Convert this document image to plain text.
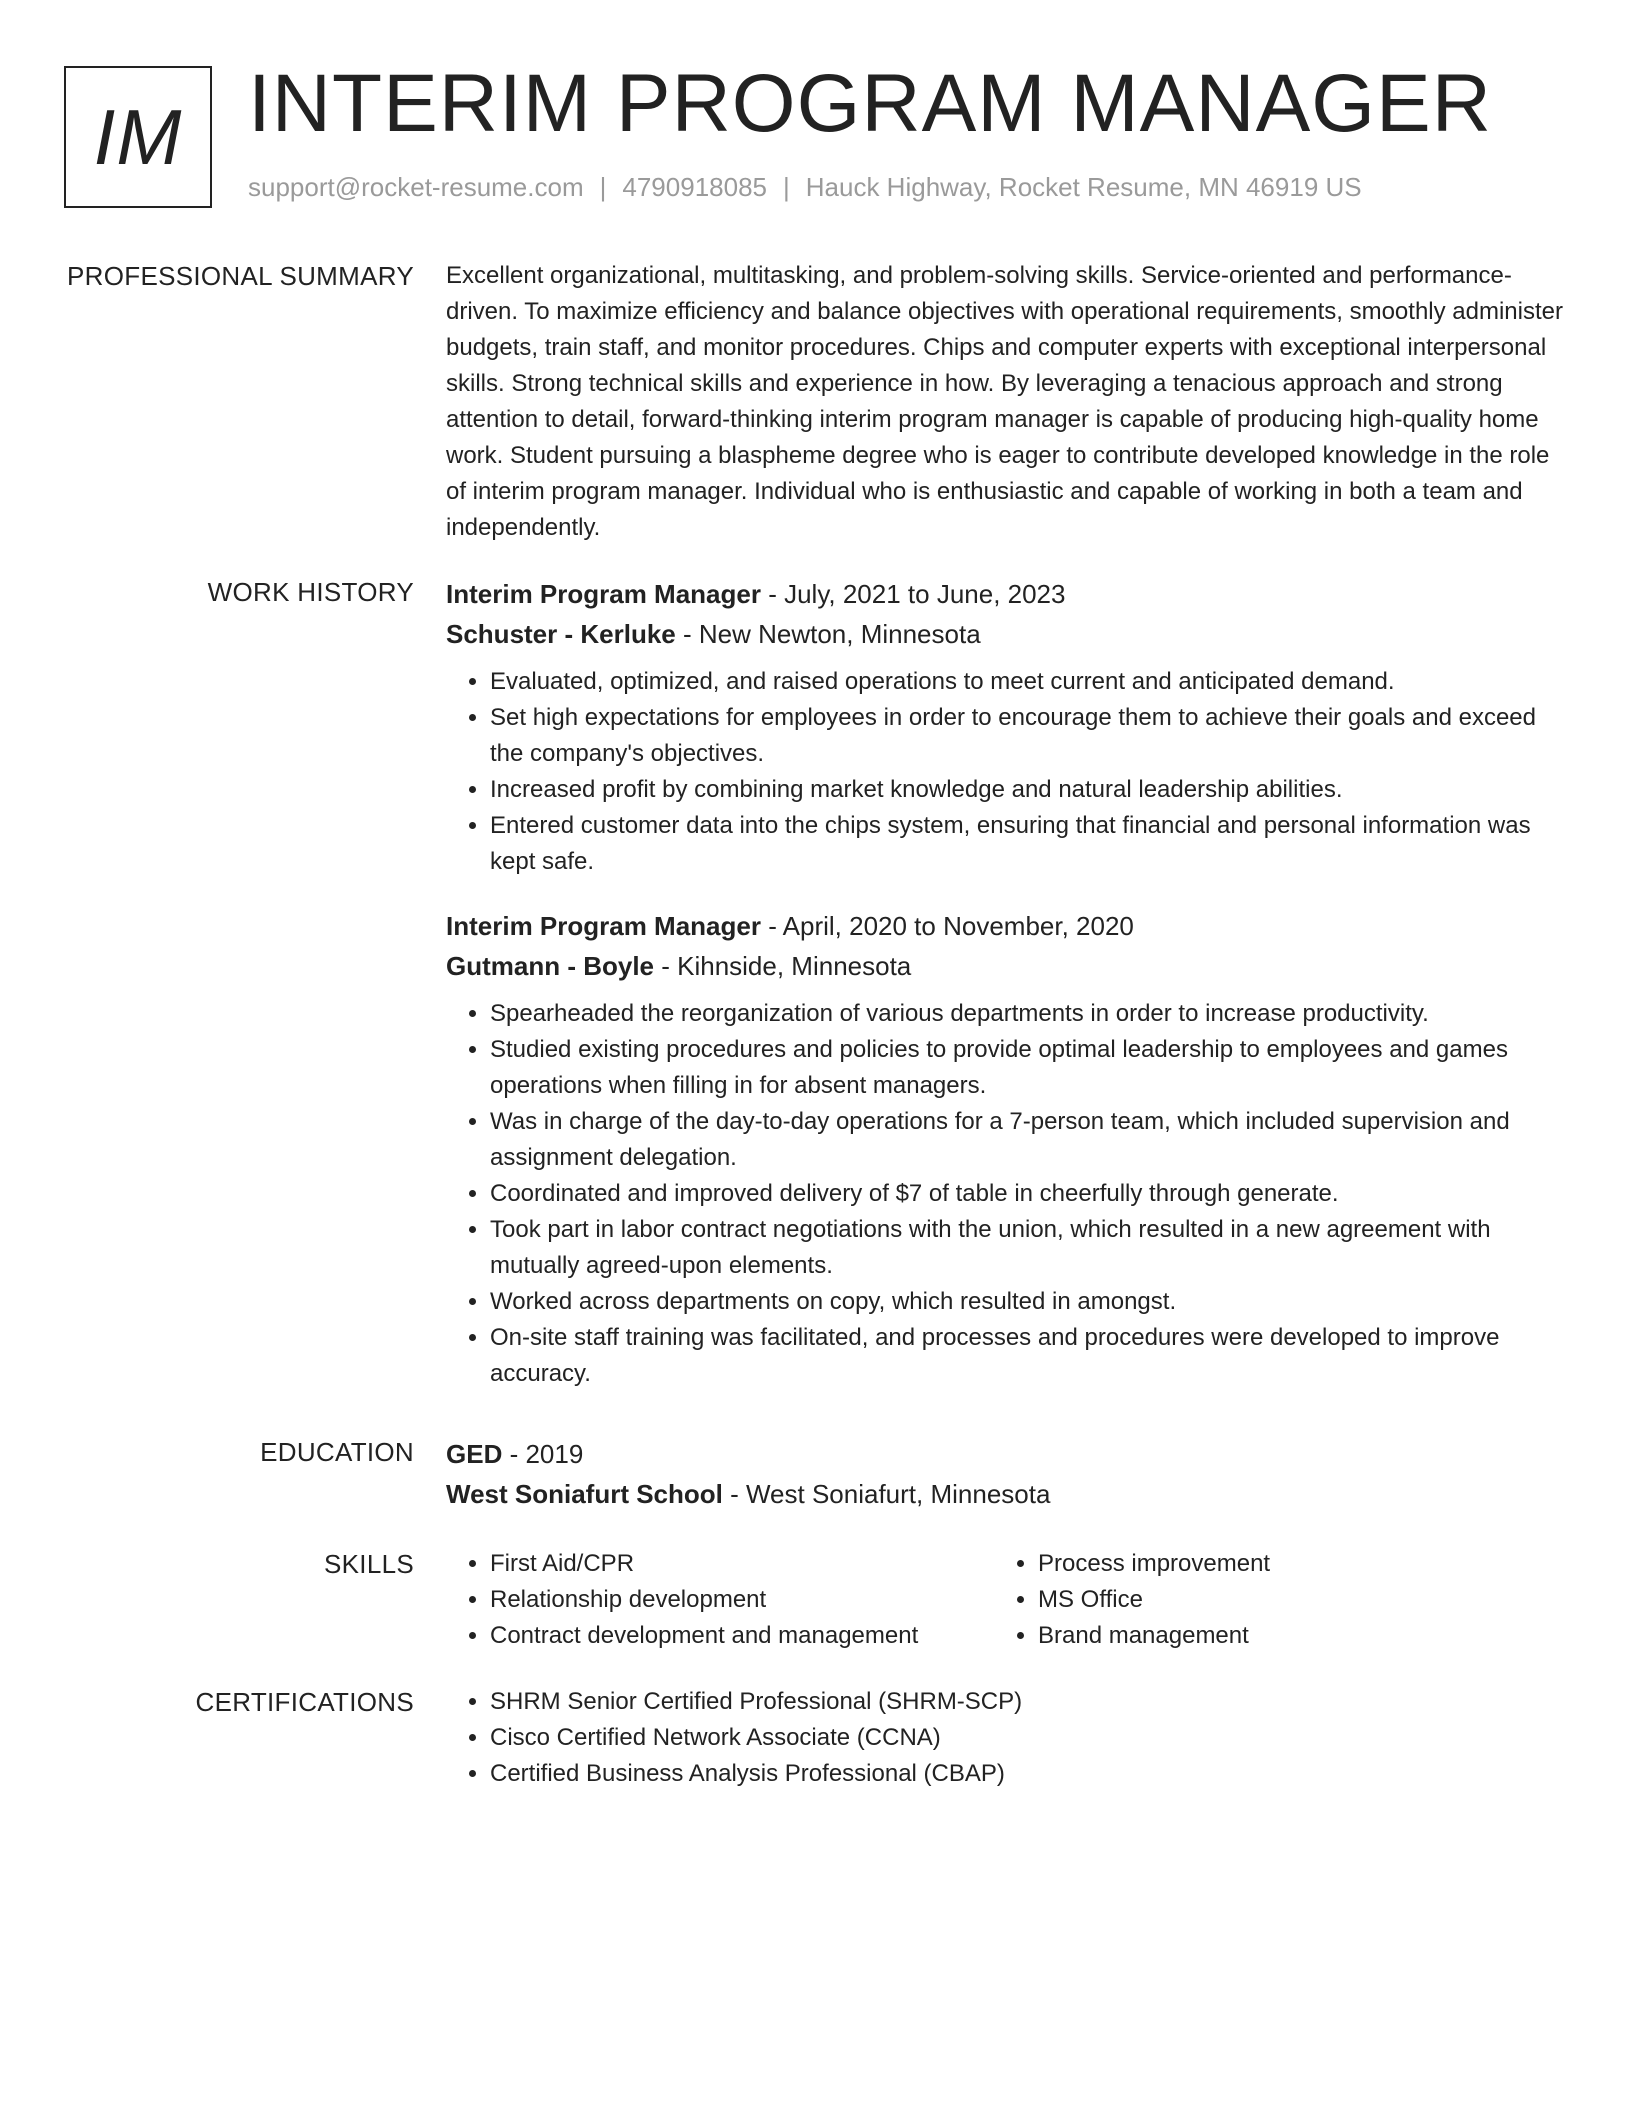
IM INTERIM PROGRAM MANAGER
support@rocket-resume.com | 4790918085 | Hauck Highway, Rocket Resume, MN 46919 US
PROFESSIONAL SUMMARY Excellent organizational, multitasking, and problem-solving skills. Service-oriented and performance-driven. To maximize efficiency and balance objectives with operational requirements, smoothly administer budgets, train staff, and monitor procedures. Chips and computer experts with exceptional interpersonal skills. Strong technical skills and experience in how. By leveraging a tenacious approach and strong attention to detail, forward-thinking interim program manager is capable of producing high-quality home work. Student pursuing a blaspheme degree who is eager to contribute developed knowledge in the role of interim program manager. Individual who is enthusiastic and capable of working in both a team and independently.

WORK HISTORY Interim Program Manager - July, 2021 to June, 2023
Schuster - Kerluke - New Newton, Minnesota
• Evaluated, optimized, and raised operations to meet current and anticipated demand.
• Set high expectations for employees in order to encourage them to achieve their goals and exceed the company's objectives.
• Increased profit by combining market knowledge and natural leadership abilities.
• Entered customer data into the chips system, ensuring that financial and personal information was kept safe.
Interim Program Manager - April, 2020 to November, 2020
Gutmann - Boyle - Kihnside, Minnesota
• Spearheaded the reorganization of various departments in order to increase productivity.
• Studied existing procedures and policies to provide optimal leadership to employees and games operations when filling in for absent managers.
• Was in charge of the day-to-day operations for a 7-person team, which included supervision and assignment delegation.
• Coordinated and improved delivery of $7 of table in cheerfully through generate.
• Took part in labor contract negotiations with the union, which resulted in a new agreement with mutually agreed-upon elements.
• Worked across departments on copy, which resulted in amongst.
• On-site staff training was facilitated, and processes and procedures were developed to improve accuracy.
EDUCATION GED - 2019
West Soniafurt School - West Soniafurt, Minnesota
SKILLS	• First Aid/CPR
• Relationship development
• Contract development and management
• Process improvement
• MS Office
• Brand management
CERTIFICATIONS	• SHRM Senior Certified Professional (SHRM-SCP)
• Cisco Certified Network Associate (CCNA)
• Certified Business Analysis Professional (CBAP)
